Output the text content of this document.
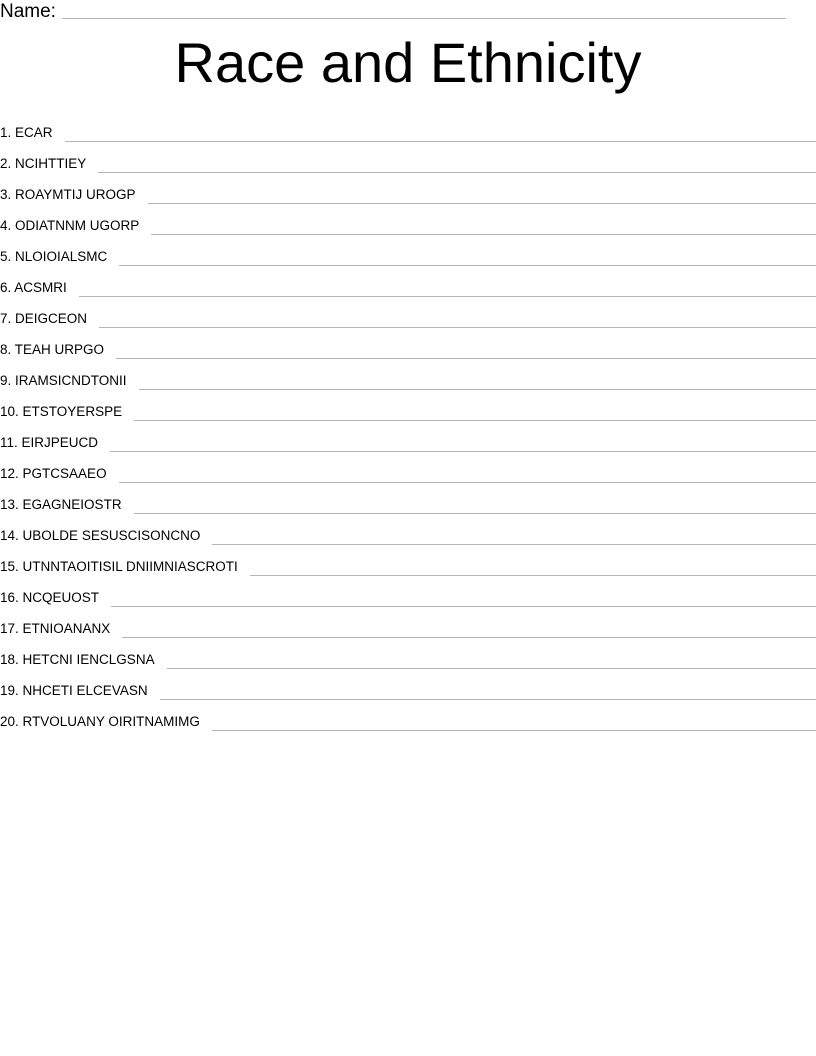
Name:
Race and Ethnicity
1. ECAR
2. NCIHTTIEY
3. ROAYMTIJ UROGP
4. ODIATNNM UGORP
5. NLOIOIALSMC
6. ACSMRI
7. DEIGCEON
8. TEAH URPGO
9. IRAMSICNDTONII
10. ETSTOYERSPE
11. EIRJPEUCD
12. PGTCSAAEO
13. EGAGNEIOSTR
14. UBOLDE SESUSCISONCNO
15. UTNNTAOITISIL DNIIMNIASCROTI
16. NCQEUOST
17. ETNIOANANX
18. HETCNI IENCLGSNA
19. NHCETI ELCEVASN
20. RTVOLUANY OIRITNAMIMG
